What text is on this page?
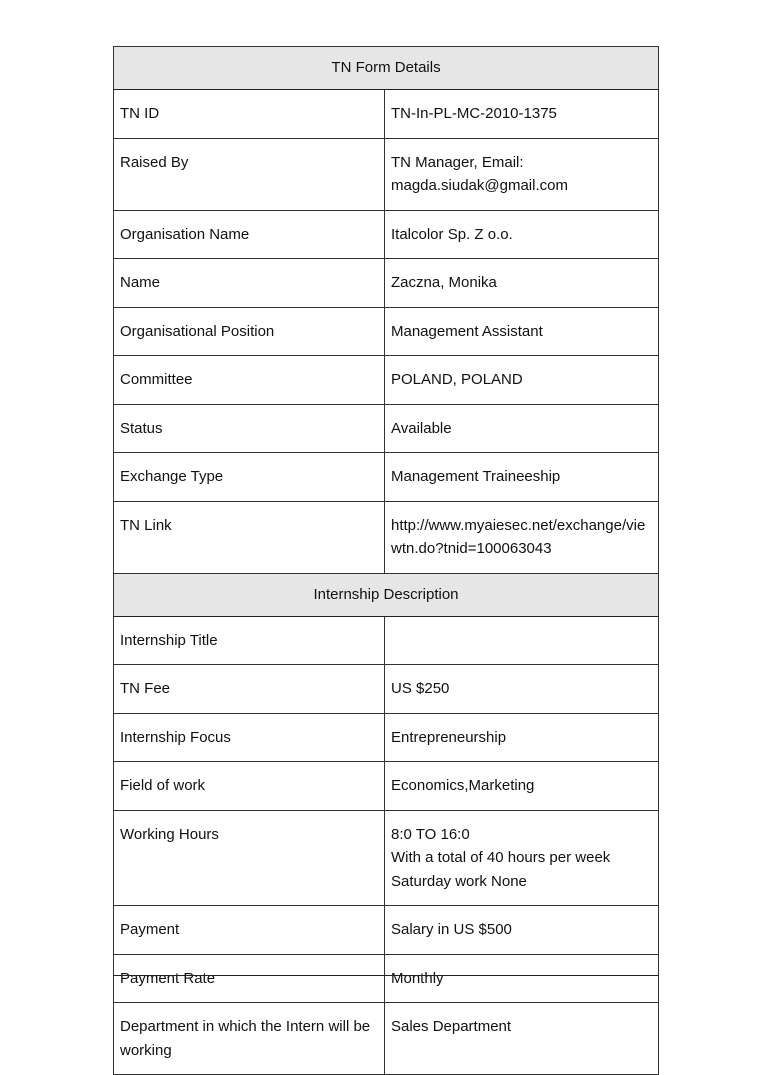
TN Form Details	
TN ID	TN-In-PL-MC-2010-1375

Raised By	TN Manager, Email:
magda.siudak@gmail.com

Organisation Name	Italcolor Sp. Z o.o.

Name	Zaczna, Monika

Organisational Position	Management Assistant

Committee	POLAND, POLAND

Status	Available

Exchange Type	Management Traineeship

TN Link	http://www.myaiesec.net/exchange/vie
wtn.do?tnid=100063043

Internship Description	
Internship Title	
TN Fee	US $250

Internship Focus	Entrepreneurship

Field of work	Economics,Marketing

Working Hours	8:0 TO 16:0
With a total of 40 hours per week
Saturday work None

Payment	Salary in US $500

Payment Rate	Monthly

Department in which the Intern will be working	Sales Department
